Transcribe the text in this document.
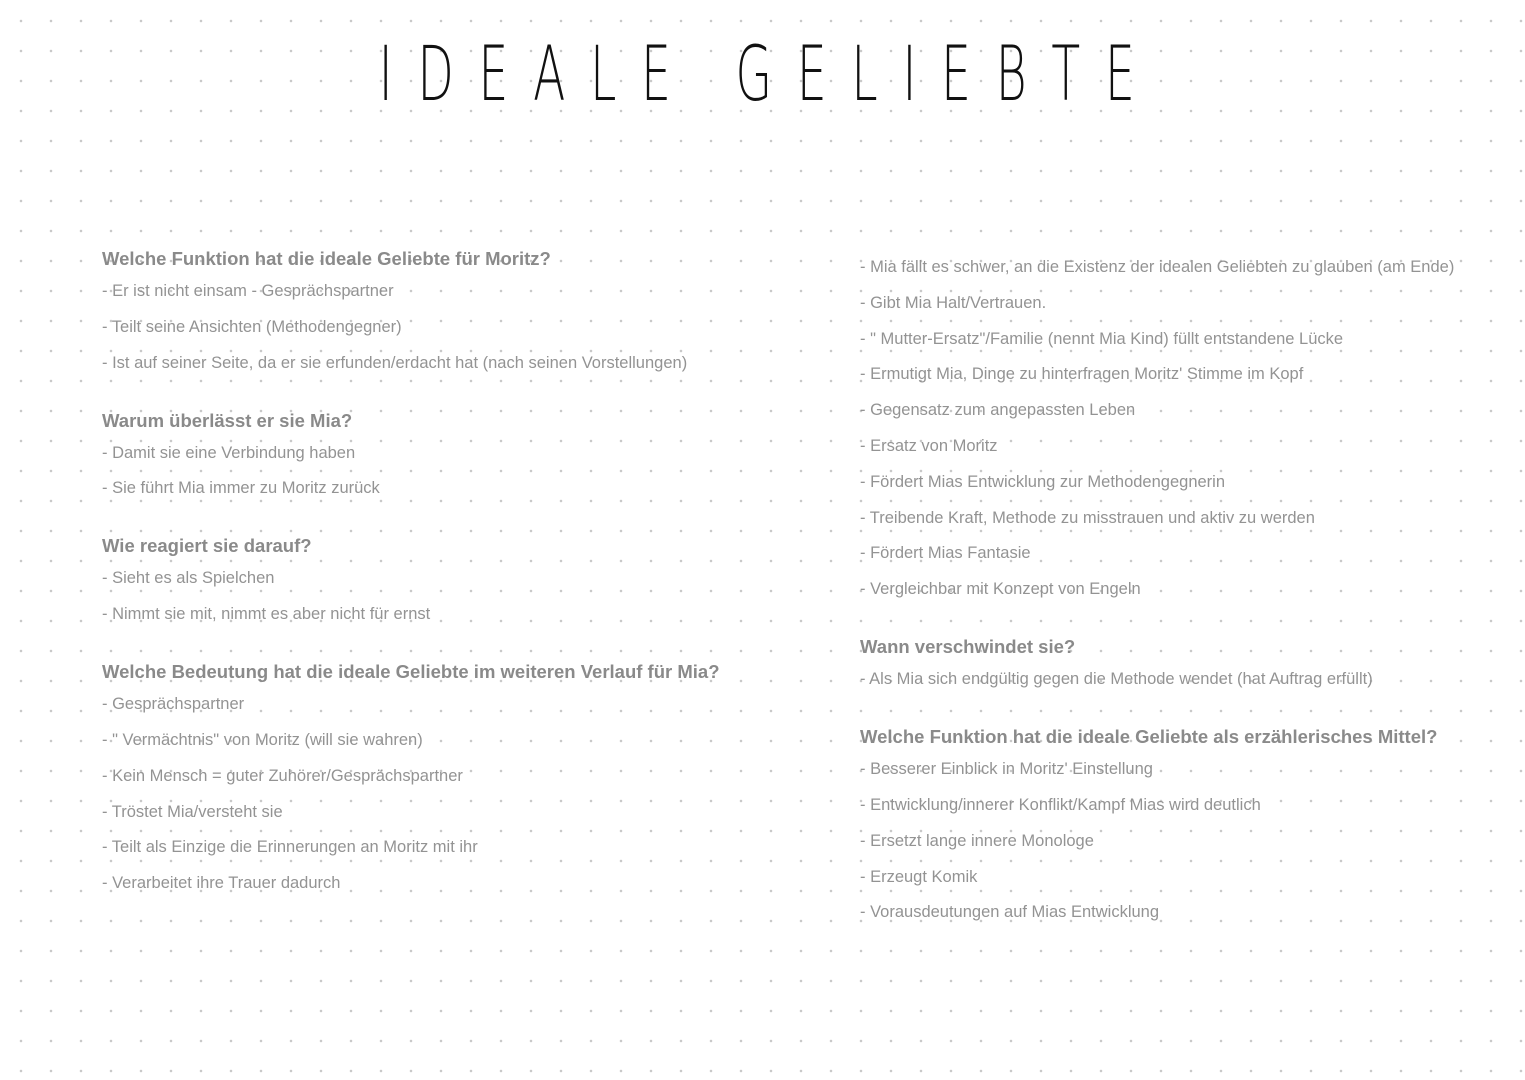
IDEALE GELIEBTE
Welche Funktion hat die ideale Geliebte für Moritz?
- Er ist nicht einsam - Gesprächspartner
- Teilt seine Ansichten (Methodengegner)
- Ist auf seiner Seite, da er sie erfunden/erdacht hat (nach seinen Vorstellungen)
Warum überlässt er sie Mia?
- Damit sie eine Verbindung haben
- Sie führt Mia immer zu Moritz zurück
Wie reagiert sie darauf?
- Sieht es als Spielchen
- Nimmt sie mit, nimmt es aber nicht für ernst
Welche Bedeutung hat die ideale Geliebte im weiteren Verlauf für Mia?
- Gesprächspartner
- " Vermächtnis" von Moritz (will sie wahren)
- Kein Mensch = guter Zuhörer/Gesprächspartner
- Tröstet Mia/versteht sie
- Teilt als Einzige die Erinnerungen an Moritz mit ihr
- Verarbeitet ihre Trauer dadurch
- Mia fällt es schwer, an die Existenz der idealen Geliebten zu glauben (am Ende)
- Gibt Mia Halt/Vertrauen.
- " Mutter-Ersatz"/Familie (nennt Mia Kind) füllt entstandene Lücke
- Ermutigt Mia, Dinge zu hinterfragen Moritz' Stimme im Kopf
- Gegensatz zum angepassten Leben
- Ersatz von Moritz
- Fördert Mias Entwicklung zur Methodengegnerin
- Treibende Kraft, Methode zu misstrauen und aktiv zu werden
- Fördert Mias Fantasie
- Vergleichbar mit Konzept von Engeln
Wann verschwindet sie?
- Als Mia sich endgültig gegen die Methode wendet (hat Auftrag erfüllt)
Welche Funktion hat die ideale Geliebte als erzählerisches Mittel?
- Besserer Einblick in Moritz' Einstellung
- Entwicklung/innerer Konflikt/Kampf Mias wird deutlich
- Ersetzt lange innere Monologe
- Erzeugt Komik
- Vorausdeutungen auf Mias Entwicklung
